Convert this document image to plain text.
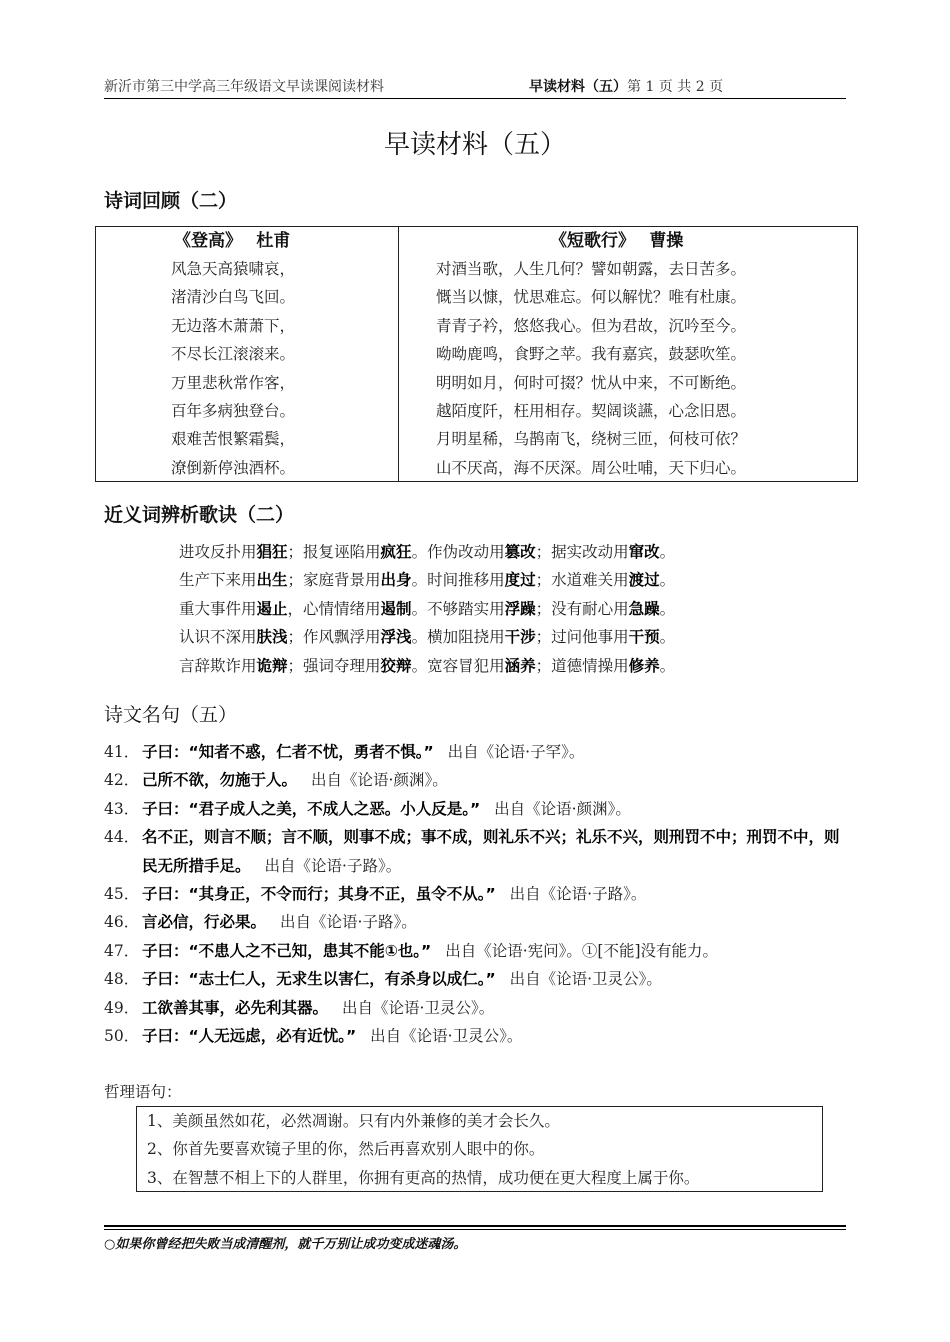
新沂市第三中学高三年级语文早读课阅读材料	早读材料（五）第 1 页 共 2 页
早读材料（五）
诗词回顾（二）
《登高》　 杜甫
风急天高猿啸哀，
渚清沙白鸟飞回。
无边落木萧萧下，
不尽长江滚滚来。
万里悲秋常作客，
百年多病独登台。
艰难苦恨繁霜鬓，
潦倒新停浊酒杯。
《短歌行》　 曹操
对酒当歌，人生几何？譬如朝露，去日苦多。
慨当以慷，忧思难忘。何以解忧？唯有杜康。
青青子衿，悠悠我心。但为君故，沉吟至今。
呦呦鹿鸣，食野之苹。我有嘉宾，鼓瑟吹笙。
明明如月，何时可掇？忧从中来，不可断绝。
越陌度阡，枉用相存。契阔谈讌，心念旧恩。
月明星稀，乌鹊南飞，绕树三匝，何枝可依？
山不厌高，海不厌深。周公吐哺，天下归心。
近义词辨析歌诀（二）
进攻反扑用猖狂；报复诬陷用疯狂。作伪改动用篡改；据实改动用窜改。
生产下来用出生；家庭背景用出身。时间推移用度过；水道难关用渡过。
重大事件用遏止，心情情绪用遏制。不够踏实用浮躁；没有耐心用急躁。
认识不深用肤浅；作风飘浮用浮浅。横加阻挠用干涉；过问他事用干预。
言辞欺诈用诡辩；强词夺理用狡辩。宽容冒犯用涵养；道德情操用修养。
诗文名句（五）
41． 子曰：“知者不惑，仁者不忧，勇者不惧。” 出自《论语·子罕》。
42． 己所不欲，勿施于人。 出自《论语·颜渊》。
43． 子曰：“君子成人之美，不成人之恶。小人反是。” 出自《论语·颜渊》。
44． 名不正，则言不顺；言不顺，则事不成；事不成，则礼乐不兴；礼乐不兴，则刑罚不中；刑罚不中，则民无所措手足。 出自《论语·子路》。
45． 子曰：“其身正，不令而行；其身不正，虽令不从。” 出自《论语·子路》。
46． 言必信，行必果。 出自《论语·子路》。
47． 子曰：“不患人之不己知，患其不能①也。” 出自《论语·宪问》。①[不能]没有能力。
48． 子曰：“志士仁人，无求生以害仁，有杀身以成仁。” 出自《论语·卫灵公》。
49． 工欲善其事，必先利其器。 出自《论语·卫灵公》。
50． 子曰：“人无远虑，必有近忧。” 出自《论语·卫灵公》。
哲理语句：
1、美颜虽然如花，必然凋谢。只有内外兼修的美才会长久。
2、你首先要喜欢镜子里的你，然后再喜欢别人眼中的你。
3、在智慧不相上下的人群里，你拥有更高的热情，成功便在更大程度上属于你。
○如果你曾经把失败当成清醒剂，就千万别让成功变成迷魂汤。
